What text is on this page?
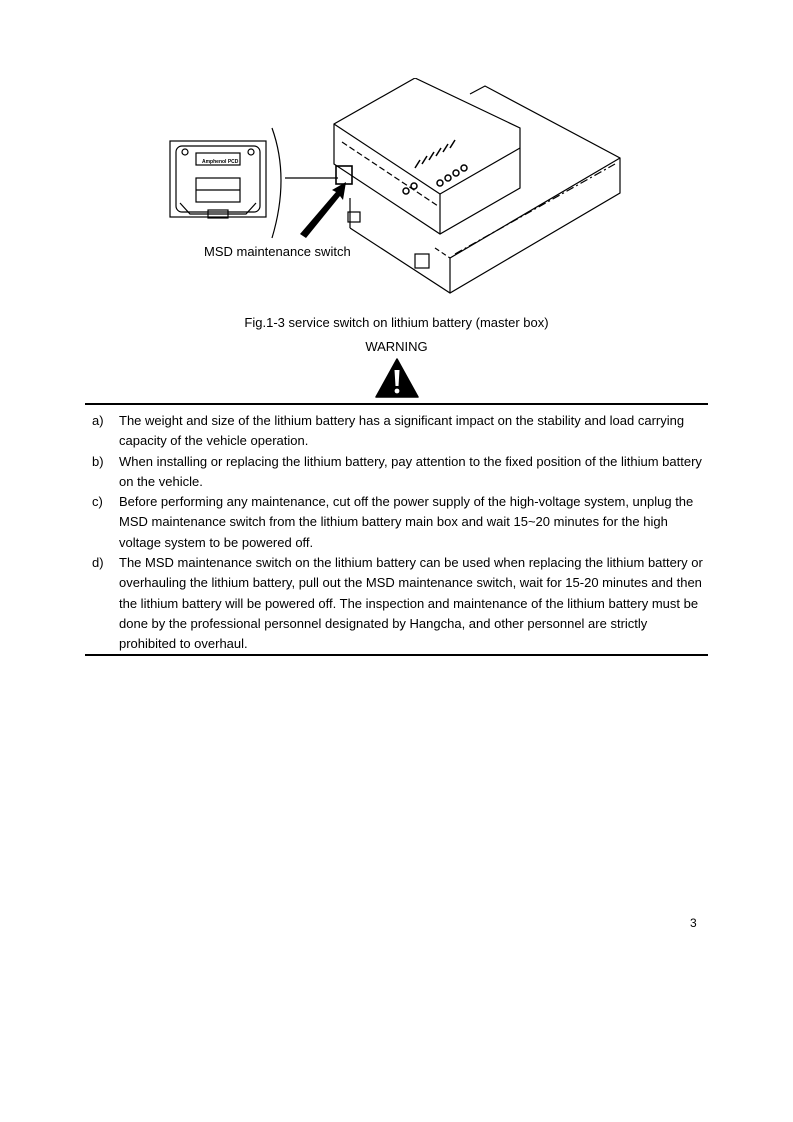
Amphenol PCD
MSD maintenance switch
Fig.1-3 service switch on lithium battery (master box)
WARNING
a) The weight and size of the lithium battery has a significant impact on the stability and load carrying capacity of the vehicle operation.
b) When installing or replacing the lithium battery, pay attention to the fixed position of the lithium battery on the vehicle.
c) Before performing any maintenance, cut off the power supply of the high-voltage system, unplug the MSD maintenance switch from the lithium battery main box and wait 15~20 minutes for the high voltage system to be powered off.
d) The MSD maintenance switch on the lithium battery can be used when replacing the lithium battery or overhauling the lithium battery, pull out the MSD maintenance switch, wait for 15-20 minutes and then the lithium battery will be powered off. The inspection and maintenance of the lithium battery must be done by the professional personnel designated by Hangcha, and other personnel are strictly prohibited to overhaul.
3
